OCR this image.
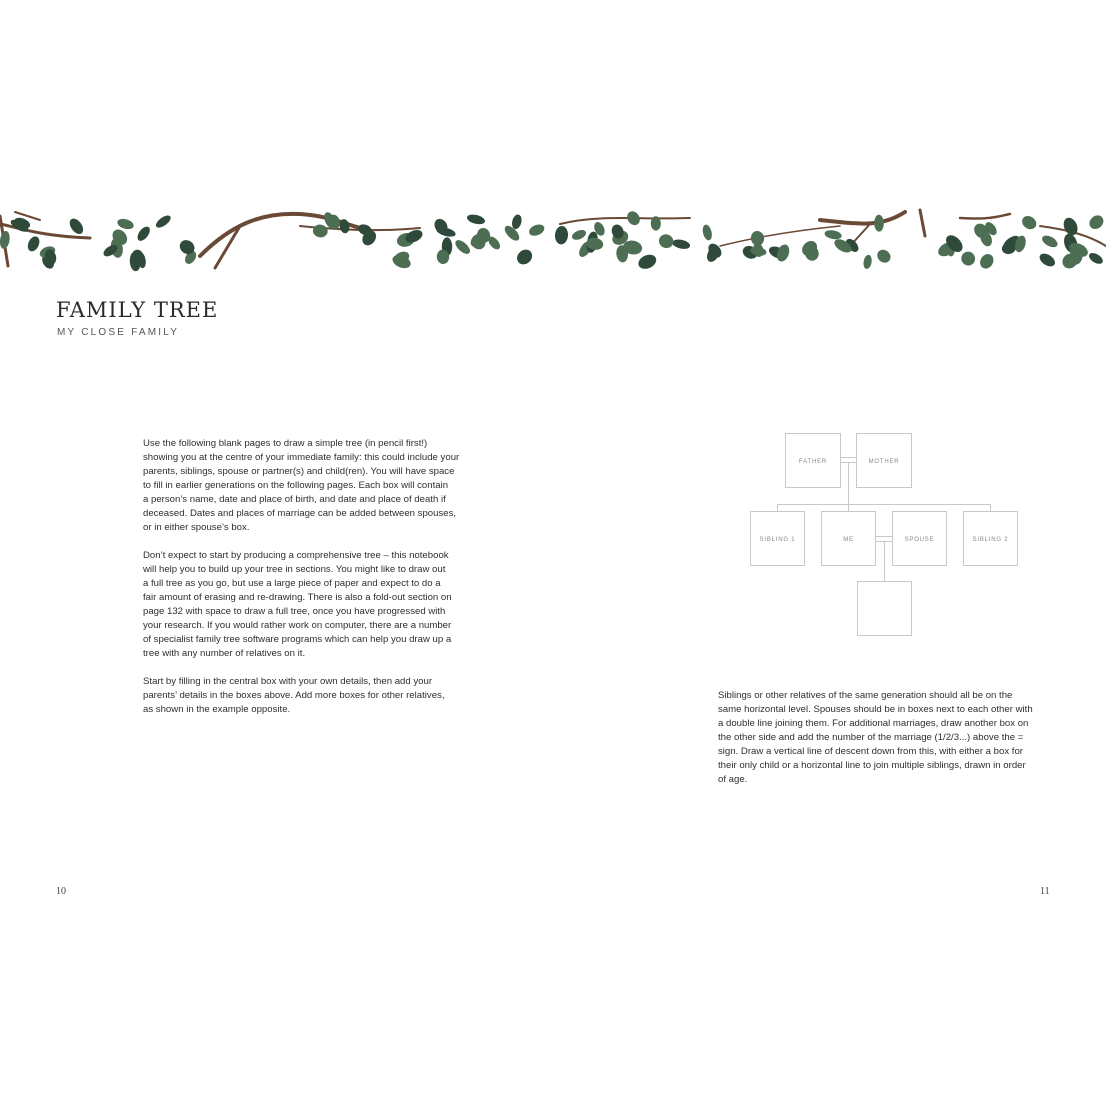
FAMILY TREE

MY CLOSE FAMILY

Use the following blank pages to draw a simple tree (in pencil first!)
showing you at the centre of your immediate family: this could include your
parents, siblings, spouse or partner(s) and child(ren). You will have space
to fill in earlier generations on the following pages. Each box will contain
a person’s name, date and place of birth, and date and place of death if
deceased. Dates and places of marriage can be added between spouses,
or in either spouse’s box.

Don’t expect to start by producing a comprehensive tree – this notebook
will help you to build up your tree in sections. You might like to draw out
a full tree as you go, but use a large piece of paper and expect to do a
fair amount of erasing and re-drawing. There is also a fold-out section on
page 132 with space to draw a full tree, once you have progressed with
your research. If you would rather work on computer, there are a number
of specialist family tree software programs which can help you draw up a
tree with any number of relatives on it.

Start by filling in the central box with your own details, then add your
parents’ details in the boxes above. Add more boxes for other relatives,
as shown in the example opposite.

FATHER	MOTHER
SIBLING 1	ME	SPOUSE	SIBLING 2

Siblings or other relatives of the same generation should all be on the
same horizontal level. Spouses should be in boxes next to each other with
a double line joining them. For additional marriages, draw another box on
the other side and add the number of the marriage (1/2/3...) above the =
sign. Draw a vertical line of descent down from this, with either a box for
their only child or a horizontal line to join multiple siblings, drawn in order
of age.

10	11
